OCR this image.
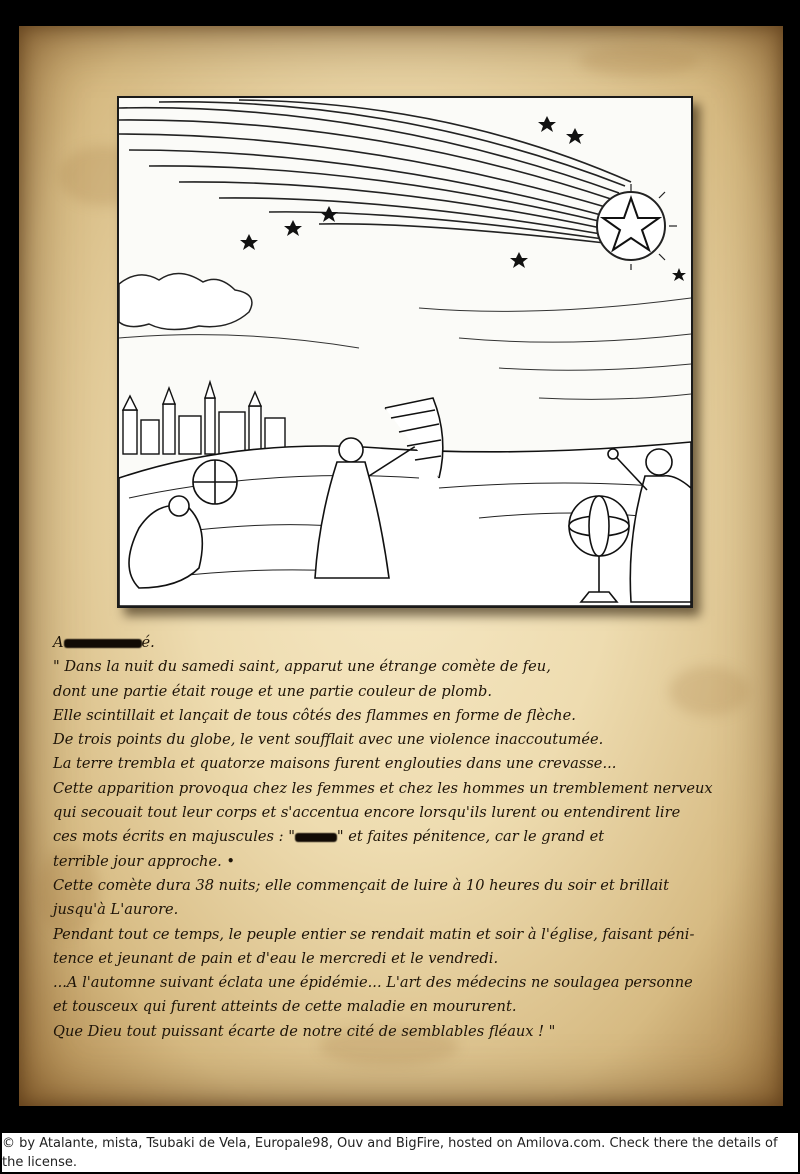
A	é.
" Dans la nuit du samedi saint, apparut une étrange comète de feu,
dont une partie était rouge et une partie couleur de plomb.
Elle scintillait et lançait de tous côtés des flammes en forme de flèche.
De trois points du globe, le vent soufflait avec une violence inaccoutumée.
La terre trembla et quatorze maisons furent englouties dans une crevasse...
Cette apparition provoqua chez les femmes et chez les hommes un tremblement nerveux
qui secouait tout leur corps et s'accentua encore lorsqu'ils lurent ou entendirent lire
ces mots écrits en majuscules : "	" et faites pénitence, car le grand et
terrible jour approche. •
Cette comète dura 38 nuits; elle commençait de luire à 10 heures du soir et brillait
jusqu'à L'aurore.
Pendant tout ce temps, le peuple entier se rendait matin et soir à l'église, faisant péni-
tence et jeunant de pain et d'eau le mercredi et le vendredi.
...A l'automne suivant éclata une épidémie... L'art des médecins ne soulagea personne
et tousceux qui furent atteints de cette maladie en moururent.
Que Dieu tout puissant écarte de notre cité de semblables fléaux ! "
© by Atalante, mista, Tsubaki de Vela, Europale98, Ouv and BigFire, hosted on Amilova.com. Check there the details of the license.
